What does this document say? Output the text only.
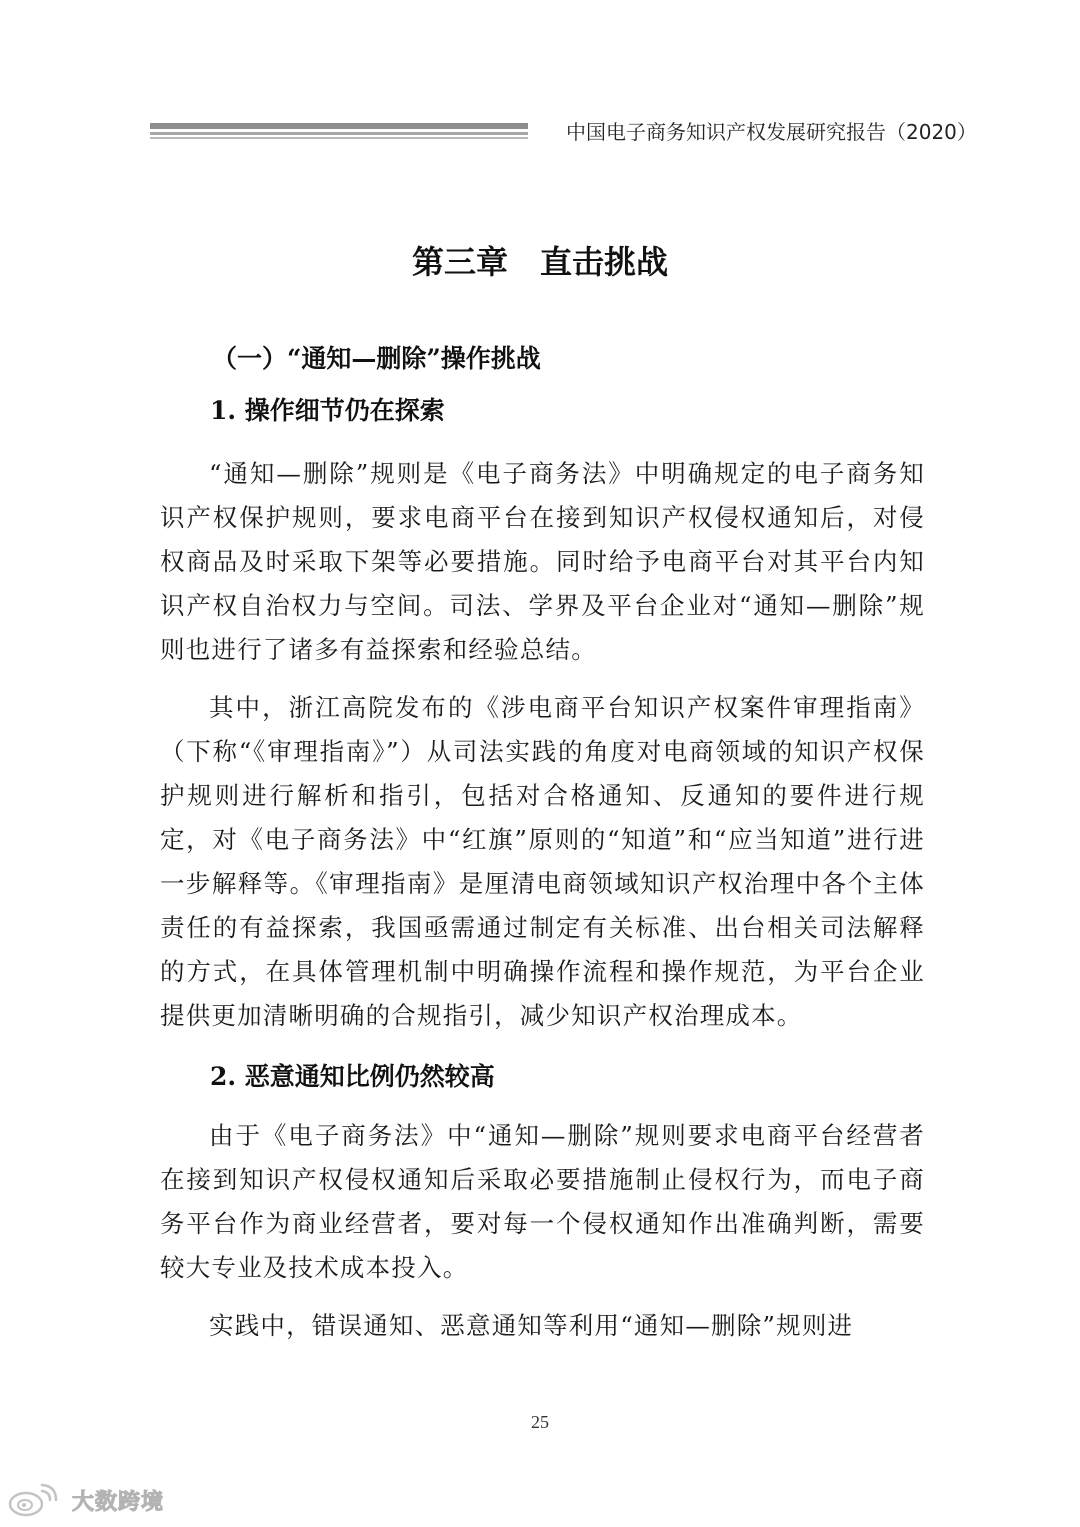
中国电子商务知识产权发展研究报告（2020）
第三章　直击挑战
（一）“通知—删除”操作挑战
1. 操作细节仍在探索

“通知—删除”规则是《电子商务法》中明确规定的电子商务知识产权保护规则，要求电商平台在接到知识产权侵权通知后，对侵权商品及时采取下架等必要措施。同时给予电商平台对其平台内知识产权自治权力与空间。司法、学界及平台企业对“通知—删除”规则也进行了诸多有益探索和经验总结。

其中，浙江高院发布的《涉电商平台知识产权案件审理指南》（下称“《审理指南》”）从司法实践的角度对电商领域的知识产权保护规则进行解析和指引，包括对合格通知、反通知的要件进行规定，对《电子商务法》中“红旗”原则的“知道”和“应当知道”进行进一步解释等。《审理指南》是厘清电商领域知识产权治理中各个主体责任的有益探索，我国亟需通过制定有关标准、出台相关司法解释的方式，在具体管理机制中明确操作流程和操作规范，为平台企业提供更加清晰明确的合规指引，减少知识产权治理成本。

2. 恶意通知比例仍然较高

由于《电子商务法》中“通知—删除”规则要求电商平台经营者在接到知识产权侵权通知后采取必要措施制止侵权行为，而电子商务平台作为商业经营者，要对每一个侵权通知作出准确判断，需要较大专业及技术成本投入。

实践中，错误通知、恶意通知等利用“通知—删除”规则进

25
大数跨境
